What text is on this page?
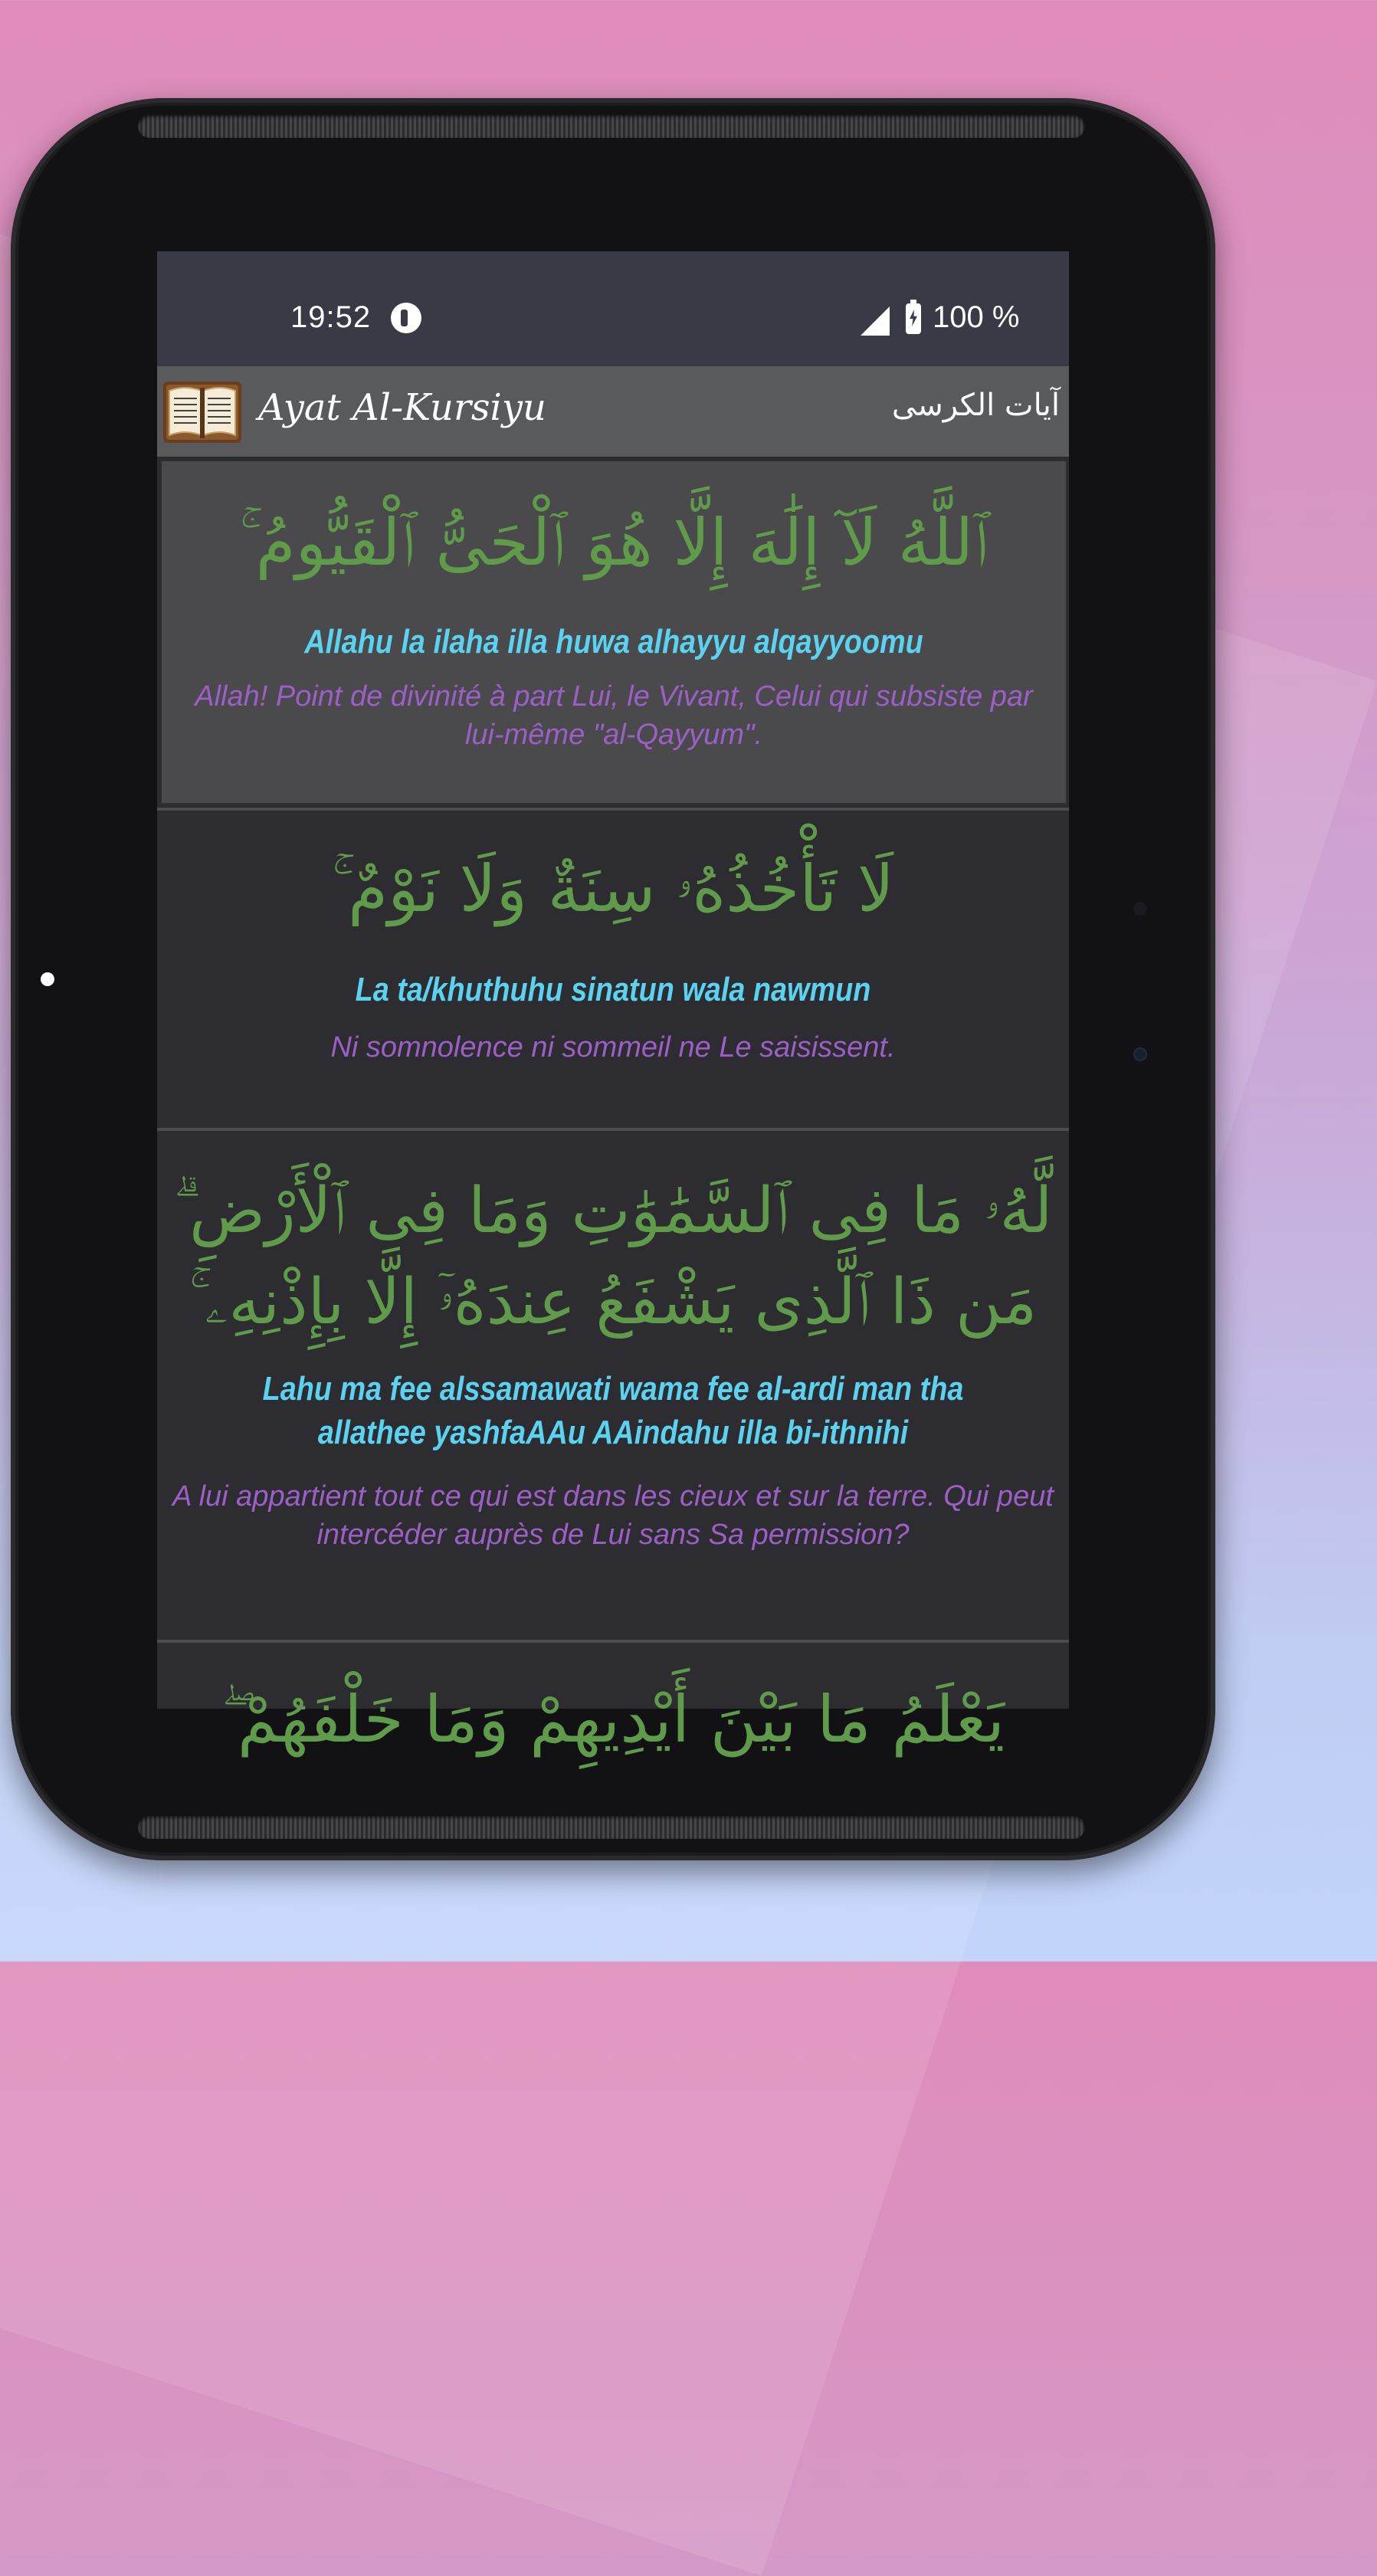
19:52	100 %
Ayat Al-Kursiyu	آيات الكرسى
ٱللَّهُ لَآ إِلَٰهَ إِلَّا هُوَ ٱلْحَىُّ ٱلْقَيُّومُ ۚ
Allahu la ilaha illa huwa alhayyu alqayyoomu
Allah! Point de divinité à part Lui, le Vivant, Celui qui subsiste par lui-même "al-Qayyum".
لَا تَأْخُذُهُۥ سِنَةٌ وَلَا نَوْمٌ ۚ
La ta/khuthuhu sinatun wala nawmun
Ni somnolence ni sommeil ne Le saisissent.
لَّهُۥ مَا فِى ٱلسَّمَٰوَٰتِ وَمَا فِى ٱلْأَرْضِ ۗ مَن ذَا ٱلَّذِى يَشْفَعُ عِندَهُۥٓ إِلَّا بِإِذْنِهِۦ ۚ
Lahu ma fee alssamawati wama fee al-ardi man tha allathee yashfaAAu AAindahu illa bi-ithnihi
A lui appartient tout ce qui est dans les cieux et sur la terre. Qui peut intercéder auprès de Lui sans Sa permission?
يَعْلَمُ مَا بَيْنَ أَيْدِيهِمْ وَمَا خَلْفَهُمْ ۖ
